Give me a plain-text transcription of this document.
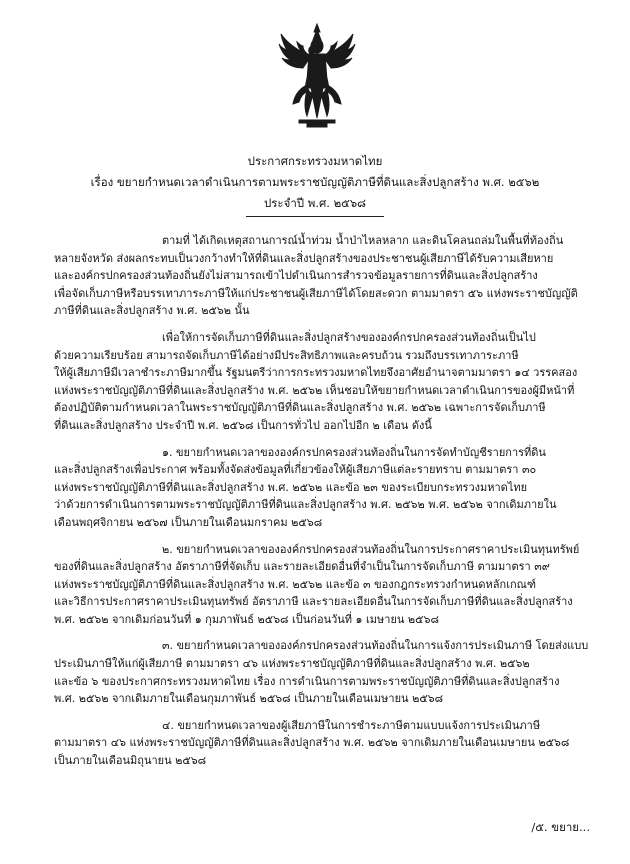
ประกาศกระทรวงมหาดไทย
เรื่อง ขยายกำหนดเวลาดำเนินการตามพระราชบัญญัติภาษีที่ดินและสิ่งปลูกสร้าง พ.ศ. ๒๕๖๒
ประจำปี พ.ศ. ๒๕๖๘
ตามที่ ได้เกิดเหตุสถานการณ์น้ำท่วม น้ำป่าไหลหลาก และดินโคลนถล่มในพื้นที่ท้องถิ่น
หลายจังหวัด ส่งผลกระทบเป็นวงกว้างทำให้ที่ดินและสิ่งปลูกสร้างของประชาชนผู้เสียภาษีได้รับความเสียหาย
และองค์กรปกครองส่วนท้องถิ่นยังไม่สามารถเข้าไปดำเนินการสำรวจข้อมูลรายการที่ดินและสิ่งปลูกสร้าง
เพื่อจัดเก็บภาษีหรือบรรเทาภาระภาษีให้แก่ประชาชนผู้เสียภาษีได้โดยสะดวก ตามมาตรา ๕๖ แห่งพระราชบัญญัติ
ภาษีที่ดินและสิ่งปลูกสร้าง พ.ศ. ๒๕๖๒ นั้น
เพื่อให้การจัดเก็บภาษีที่ดินและสิ่งปลูกสร้างขององค์กรปกครองส่วนท้องถิ่นเป็นไป
ด้วยความเรียบร้อย สามารถจัดเก็บภาษีได้อย่างมีประสิทธิภาพและครบถ้วน รวมถึงบรรเทาภาระภาษี
ให้ผู้เสียภาษีมีเวลาชำระภาษีมากขึ้น รัฐมนตรีว่าการกระทรวงมหาดไทยจึงอาศัยอำนาจตามมาตรา ๑๔ วรรคสอง
แห่งพระราชบัญญัติภาษีที่ดินและสิ่งปลูกสร้าง พ.ศ. ๒๕๖๒ เห็นชอบให้ขยายกำหนดเวลาดำเนินการของผู้มีหน้าที่
ต้องปฏิบัติตามกำหนดเวลาในพระราชบัญญัติภาษีที่ดินและสิ่งปลูกสร้าง พ.ศ. ๒๕๖๒ เฉพาะการจัดเก็บภาษี
ที่ดินและสิ่งปลูกสร้าง ประจำปี พ.ศ. ๒๕๖๘ เป็นการทั่วไป ออกไปอีก ๒ เดือน ดังนี้
๑. ขยายกำหนดเวลาขององค์กรปกครองส่วนท้องถิ่นในการจัดทำบัญชีรายการที่ดิน
และสิ่งปลูกสร้างเพื่อประกาศ พร้อมทั้งจัดส่งข้อมูลที่เกี่ยวข้องให้ผู้เสียภาษีแต่ละรายทราบ ตามมาตรา ๓๐
แห่งพระราชบัญญัติภาษีที่ดินและสิ่งปลูกสร้าง พ.ศ. ๒๕๖๒ และข้อ ๒๓ ของระเบียบกระทรวงมหาดไทย
ว่าด้วยการดำเนินการตามพระราชบัญญัติภาษีที่ดินและสิ่งปลูกสร้าง พ.ศ. ๒๕๖๒ พ.ศ. ๒๕๖๒ จากเดิมภายใน
เดือนพฤศจิกายน ๒๕๖๗ เป็นภายในเดือนมกราคม ๒๕๖๘
๒. ขยายกำหนดเวลาขององค์กรปกครองส่วนท้องถิ่นในการประกาศราคาประเมินทุนทรัพย์
ของที่ดินและสิ่งปลูกสร้าง อัตราภาษีที่จัดเก็บ และรายละเอียดอื่นที่จำเป็นในการจัดเก็บภาษี ตามมาตรา ๓๙
แห่งพระราชบัญญัติภาษีที่ดินและสิ่งปลูกสร้าง พ.ศ. ๒๕๖๒ และข้อ ๓ ของกฎกระทรวงกำหนดหลักเกณฑ์
และวิธีการประกาศราคาประเมินทุนทรัพย์ อัตราภาษี และรายละเอียดอื่นในการจัดเก็บภาษีที่ดินและสิ่งปลูกสร้าง
พ.ศ. ๒๕๖๒ จากเดิมก่อนวันที่ ๑ กุมภาพันธ์ ๒๕๖๘ เป็นก่อนวันที่ ๑ เมษายน ๒๕๖๘
๓. ขยายกำหนดเวลาขององค์กรปกครองส่วนท้องถิ่นในการแจ้งการประเมินภาษี โดยส่งแบบ
ประเมินภาษีให้แก่ผู้เสียภาษี ตามมาตรา ๔๖ แห่งพระราชบัญญัติภาษีที่ดินและสิ่งปลูกสร้าง พ.ศ. ๒๕๖๒
และข้อ ๖ ของประกาศกระทรวงมหาดไทย เรื่อง การดำเนินการตามพระราชบัญญัติภาษีที่ดินและสิ่งปลูกสร้าง
พ.ศ. ๒๕๖๒ จากเดิมภายในเดือนกุมภาพันธ์ ๒๕๖๘ เป็นภายในเดือนเมษายน ๒๕๖๘
๔. ขยายกำหนดเวลาของผู้เสียภาษีในการชำระภาษีตามแบบแจ้งการประเมินภาษี
ตามมาตรา ๔๖ แห่งพระราชบัญญัติภาษีที่ดินและสิ่งปลูกสร้าง พ.ศ. ๒๕๖๒ จากเดิมภายในเดือนเมษายน ๒๕๖๘
เป็นภายในเดือนมิถุนายน ๒๕๖๘
/๕. ขยาย...
